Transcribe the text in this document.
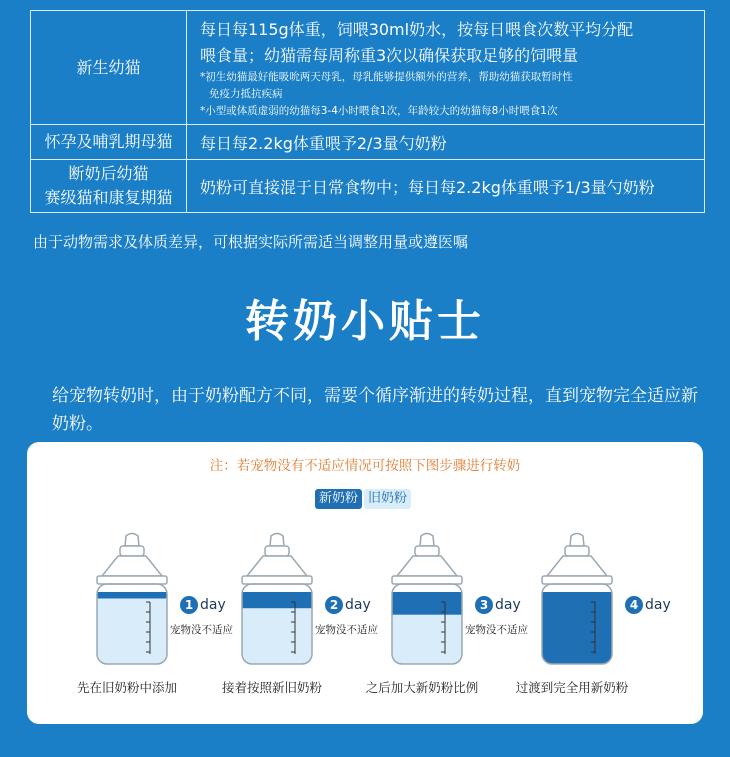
新生幼猫
每日每115g体重，饲喂30ml奶水，按每日喂食次数平均分配
喂食量；幼猫需每周称重3次以确保获取足够的饲喂量
*初生幼猫最好能吸吮两天母乳，母乳能够提供额外的营养，帮助幼猫获取暂时性
免疫力抵抗疾病
*小型或体质虚弱的幼猫每3-4小时喂食1次，年龄较大的幼猫每8小时喂食1次
怀孕及哺乳期母猫 每日每2.2kg体重喂予2/3量勺奶粉
断奶后幼猫
赛级猫和康复期猫
奶粉可直接混于日常食物中；每日每2.2kg体重喂予1/3量勺奶粉
由于动物需求及体质差异，可根据实际所需适当调整用量或遵医嘱
转奶小贴士
给宠物转奶时，由于奶粉配方不同，需要个循序渐进的转奶过程，直到宠物完全适应新奶粉。
注：若宠物没有不适应情况可按照下图步骤进行转奶
新奶粉 旧奶粉
1 day
宠物没不适应
先在旧奶粉中添加
2 day
宠物没不适应
接着按照新旧奶粉
3 day
宠物没不适应
之后加大新奶粉比例
4 day
过渡到完全用新奶粉
